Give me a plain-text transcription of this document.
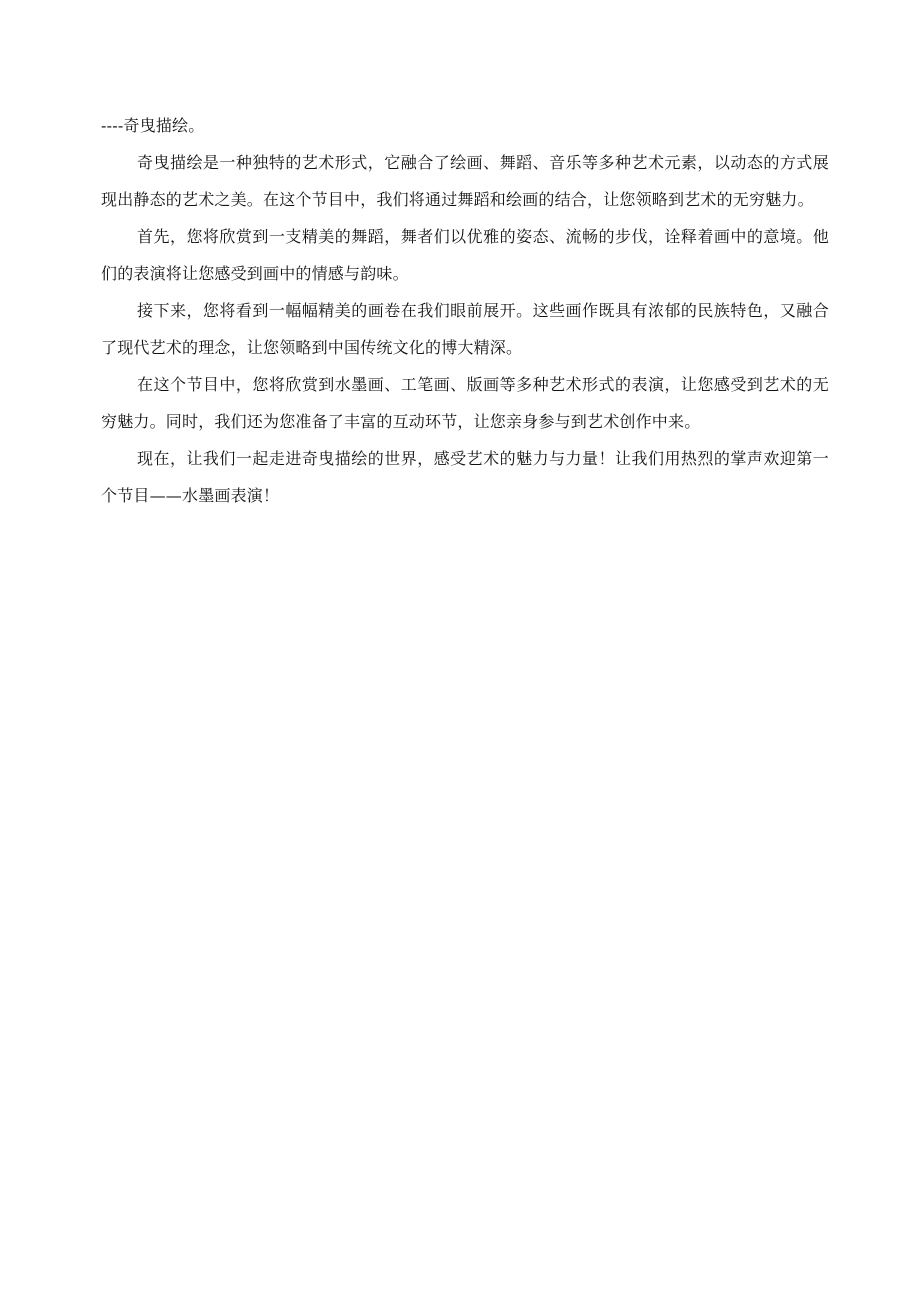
----奇曳描绘。

奇曳描绘是一种独特的艺术形式，它融合了绘画、舞蹈、音乐等多种艺术元素，以动态的方式展现出静态的艺术之美。在这个节目中，我们将通过舞蹈和绘画的结合，让您领略到艺术的无穷魅力。

首先，您将欣赏到一支精美的舞蹈，舞者们以优雅的姿态、流畅的步伐，诠释着画中的意境。他们的表演将让您感受到画中的情感与韵味。

接下来，您将看到一幅幅精美的画卷在我们眼前展开。这些画作既具有浓郁的民族特色，又融合了现代艺术的理念，让您领略到中国传统文化的博大精深。

在这个节目中，您将欣赏到水墨画、工笔画、版画等多种艺术形式的表演，让您感受到艺术的无穷魅力。同时，我们还为您准备了丰富的互动环节，让您亲身参与到艺术创作中来。

现在，让我们一起走进奇曳描绘的世界，感受艺术的魅力与力量！让我们用热烈的掌声欢迎第一个节目——水墨画表演！
